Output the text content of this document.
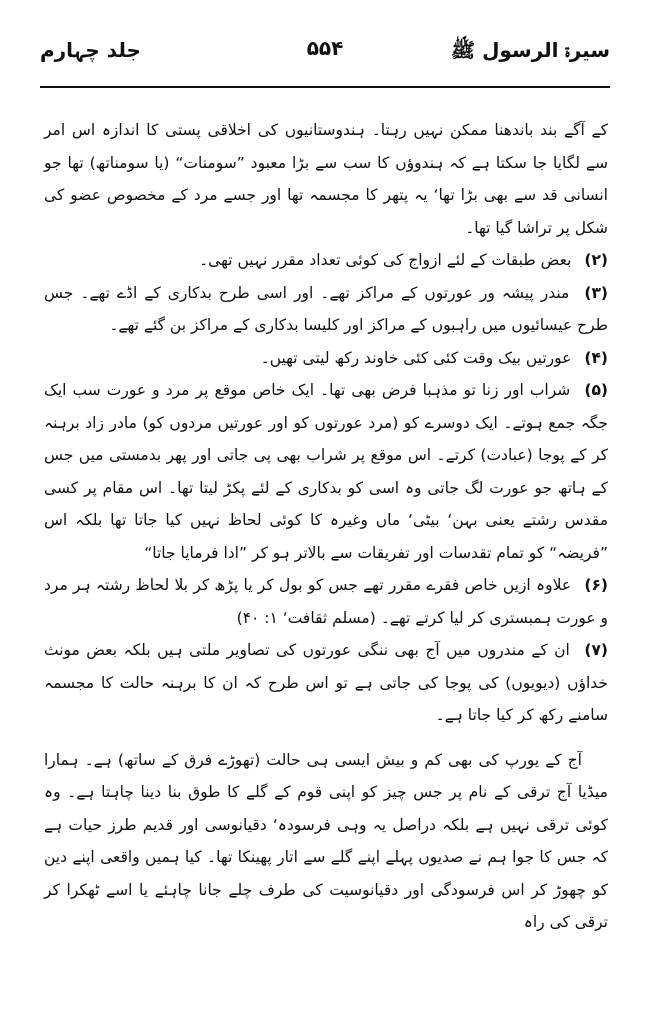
سیرۃ الرسول ﷺ
۵۵۴
جلد چہارم

کے آگے بند باندھنا ممکن نہیں رہتا۔ ہندوستانیوں کی اخلاقی پستی کا اندازہ اس امر سے لگایا جا سکتا ہے کہ ہندوؤں کا سب سے بڑا معبود ”سومنات“ (یا سومناتھ) تھا جو انسانی قد سے بھی بڑا تھا‘ یہ پتھر کا مجسمہ تھا اور جسے مرد کے مخصوص عضو کی شکل پر تراشا گیا تھا۔

(۲) بعض طبقات کے لئے ازواج کی کوئی تعداد مقرر نہیں تھی۔

(۳) مندر پیشہ ور عورتوں کے مراکز تھے۔ اور اسی طرح بدکاری کے اڈے تھے۔ جس طرح عیسائیوں میں راہبوں کے مراکز اور کلیسا بدکاری کے مراکز بن گئے تھے۔

(۴) عورتیں بیک وقت کئی کئی خاوند رکھ لیتی تھیں۔

(۵) شراب اور زنا تو مذہبا فرض بھی تھا۔ ایک خاص موقع پر مرد و عورت سب ایک جگہ جمع ہوتے۔ ایک دوسرے کو (مرد عورتوں کو اور عورتیں مردوں کو) مادر زاد برہنہ کر کے پوجا (عبادت) کرتے۔ اس موقع پر شراب بھی پی جاتی اور پھر بدمستی میں جس کے ہاتھ جو عورت لگ جاتی وہ اسی کو بدکاری کے لئے پکڑ لیتا تھا۔ اس مقام پر کسی مقدس رشتے یعنی بہن‘ بیٹی‘ ماں وغیرہ کا کوئی لحاظ نہیں کیا جاتا تھا بلکہ اس ”فریضہ“ کو تمام تقدسات اور تفریقات سے بالاتر ہو کر ”ادا فرمایا جاتا“

(۶) علاوہ ازیں خاص فقرے مقرر تھے جس کو بول کر یا پڑھ کر بلا لحاظ رشتہ ہر مرد و عورت ہمبستری کر لیا کرتے تھے۔ (مسلم ثقافت‘ ۱: ۴۰)

(۷) ان کے مندروں میں آج بھی ننگی عورتوں کی تصاویر ملتی ہیں بلکہ بعض مونث خداؤں (دیویوں) کی پوجا کی جاتی ہے تو اس طرح کہ ان کا برہنہ حالت کا مجسمہ سامنے رکھ کر کیا جاتا ہے۔

آج کے یورپ کی بھی کم و بیش ایسی ہی حالت (تھوڑے فرق کے ساتھ) ہے۔ ہمارا میڈیا آج ترقی کے نام پر جس چیز کو اپنی قوم کے گلے کا طوق بنا دینا چاہتا ہے۔ وہ کوئی ترقی نہیں ہے بلکہ دراصل یہ وہی فرسودہ‘ دقیانوسی اور قدیم طرز حیات ہے کہ جس کا جوا ہم نے صدیوں پہلے اپنے گلے سے اتار پھینکا تھا۔ کیا ہمیں واقعی اپنے دین کو چھوڑ کر اس فرسودگی اور دقیانوسیت کی طرف چلے جانا چاہئے یا اسے ٹھکرا کر ترقی کی راہ
